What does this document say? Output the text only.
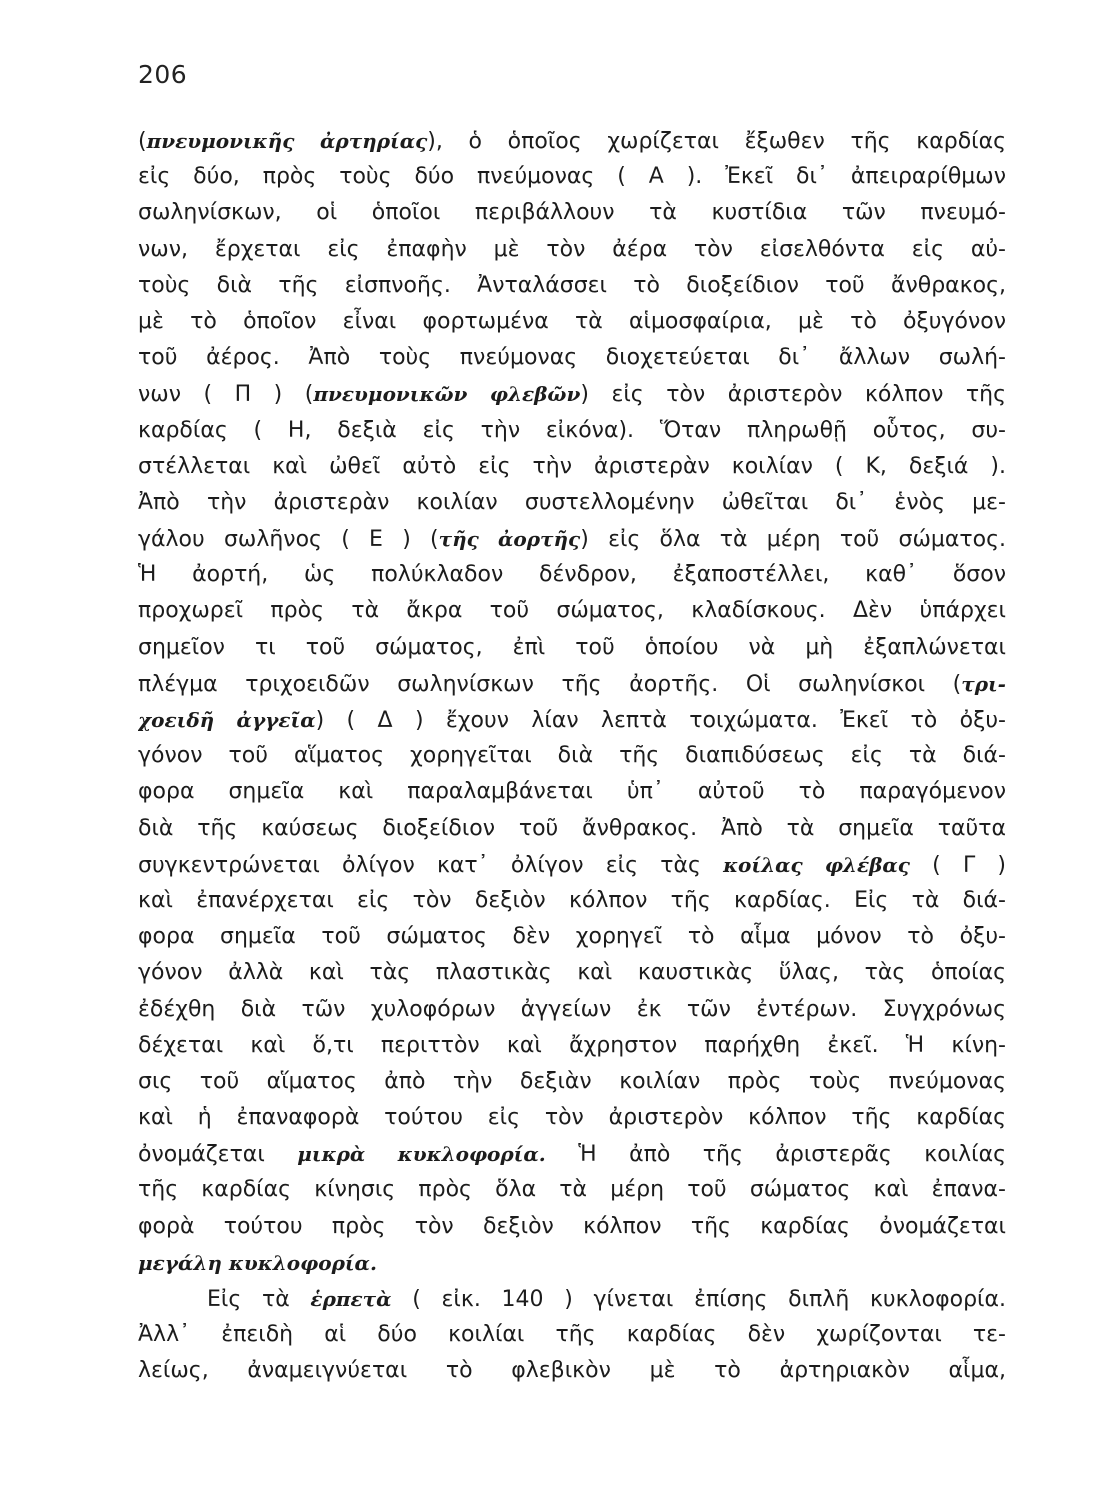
206
(πνευμονικῆς ἀρτηρίας), ὁ ὁποῖος χωρίζεται ἔξωθεν τῆς καρδίας
εἰς δύο, πρὸς τοὺς δύο πνεύμονας ( Α ). Ἐκεῖ δι᾿ ἀπειραρίθμων
σωληνίσκων, οἱ ὁποῖοι περιβάλλουν τὰ κυστίδια τῶν πνευμό-
νων, ἔρχεται εἰς ἐπαφὴν μὲ τὸν ἀέρα τὸν εἰσελθόντα εἰς αὐ-
τοὺς διὰ τῆς εἰσπνοῆς. Ἀνταλάσσει τὸ διοξείδιον τοῦ ἄνθρακος,
μὲ τὸ ὁποῖον εἶναι φορτωμένα τὰ αἱμοσφαίρια, μὲ τὸ ὀξυγόνον
τοῦ ἀέρος. Ἀπὸ τοὺς πνεύμονας διοχετεύεται δι᾿ ἄλλων σωλή-
νων ( Π ) (πνευμονικῶν φλεβῶν) εἰς τὸν ἀριστερὸν κόλπον τῆς
καρδίας ( Η, δεξιὰ εἰς τὴν εἰκόνα). Ὅταν πληρωθῇ οὗτος, συ-
στέλλεται καὶ ὠθεῖ αὐτὸ εἰς τὴν ἀριστερὰν κοιλίαν ( Κ, δεξιά ).
Ἀπὸ τὴν ἀριστερὰν κοιλίαν συστελλομένην ὠθεῖται δι᾿ ἑνὸς με-
γάλου σωλῆνος ( Ε ) (τῆς ἀορτῆς) εἰς ὅλα τὰ μέρη τοῦ σώματος.
Ἡ ἀορτή, ὡς πολύκλαδον δένδρον, ἐξαποστέλλει, καθ᾿ ὅσον
προχωρεῖ πρὸς τὰ ἄκρα τοῦ σώματος, κλαδίσκους. Δὲν ὑπάρχει
σημεῖον τι τοῦ σώματος, ἐπὶ τοῦ ὁποίου νὰ μὴ ἐξαπλώνεται
πλέγμα τριχοειδῶν σωληνίσκων τῆς ἀορτῆς. Οἱ σωληνίσκοι (τρι-
χοειδῆ ἀγγεῖα) ( Δ ) ἔχουν λίαν λεπτὰ τοιχώματα. Ἐκεῖ τὸ ὀξυ-
γόνον τοῦ αἵματος χορηγεῖται διὰ τῆς διαπιδύσεως εἰς τὰ διά-
φορα σημεῖα καὶ παραλαμβάνεται ὑπ᾿ αὐτοῦ τὸ παραγόμενον
διὰ τῆς καύσεως διοξείδιον τοῦ ἄνθρακος. Ἀπὸ τὰ σημεῖα ταῦτα
συγκεντρώνεται ὀλίγον κατ᾿ ὀλίγον εἰς τὰς κοίλας φλέβας ( Γ )
καὶ ἐπανέρχεται εἰς τὸν δεξιὸν κόλπον τῆς καρδίας. Εἰς τὰ διά-
φορα σημεῖα τοῦ σώματος δὲν χορηγεῖ τὸ αἷμα μόνον τὸ ὀξυ-
γόνον ἀλλὰ καὶ τὰς πλαστικὰς καὶ καυστικὰς ὕλας, τὰς ὁποίας
ἐδέχθη διὰ τῶν χυλοφόρων ἀγγείων ἐκ τῶν ἐντέρων. Συγχρόνως
δέχεται καὶ ὅ,τι περιττὸν καὶ ἄχρηστον παρήχθη ἐκεῖ. Ἡ κίνη-
σις τοῦ αἵματος ἀπὸ τὴν δεξιὰν κοιλίαν πρὸς τοὺς πνεύμονας
καὶ ἡ ἐπαναφορὰ τούτου εἰς τὸν ἀριστερὸν κόλπον τῆς καρδίας
ὀνομάζεται μικρὰ κυκλοφορία. Ἡ ἀπὸ τῆς ἀριστερᾶς κοιλίας
τῆς καρδίας κίνησις πρὸς ὅλα τὰ μέρη τοῦ σώματος καὶ ἐπανα-
φορὰ τούτου πρὸς τὸν δεξιὸν κόλπον τῆς καρδίας ὀνομάζεται
μεγάλη κυκλοφορία.
Εἰς τὰ ἑρπετὰ ( εἰκ. 140 ) γίνεται ἐπίσης διπλῆ κυκλοφορία.
Ἀλλ᾿ ἐπειδὴ αἱ δύο κοιλίαι τῆς καρδίας δὲν χωρίζονται τε-
λείως, ἀναμειγνύεται τὸ φλεβικὸν μὲ τὸ ἀρτηριακὸν αἷμα,
